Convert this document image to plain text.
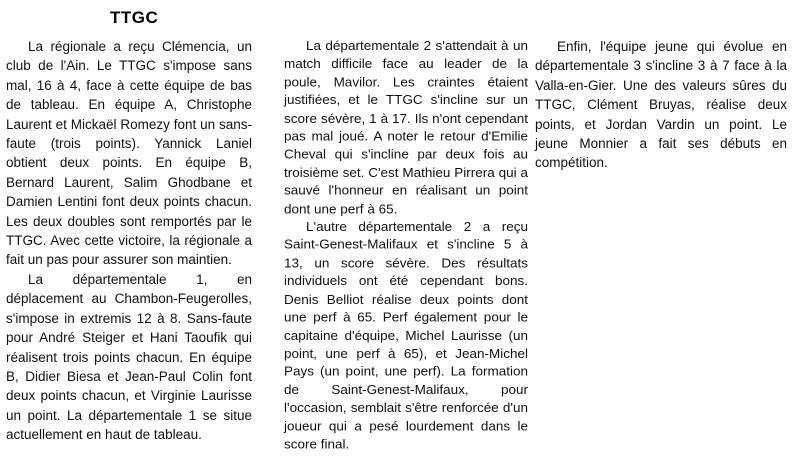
TTGC

La régionale a reçu Clémencia, un club de l'Ain. Le TTGC s'impose sans mal, 16 à 4, face à cette équipe de bas de tableau. En équipe A, Christophe Laurent et Mickaël Romezy font un sans-faute (trois points). Yannick Laniel obtient deux points. En équipe B, Bernard Laurent, Salim Ghodbane et Damien Lentini font deux points chacun. Les deux doubles sont remportés par le TTGC. Avec cette victoire, la régionale a fait un pas pour assurer son maintien.

La départementale 1, en déplacement au Chambon-Feugerolles, s'impose in extremis 12 à 8. Sans-faute pour André Steiger et Hani Taoufik qui réalisent trois points chacun. En équipe B, Didier Biesa et Jean-Paul Colin font deux points chacun, et Virginie Laurisse un point. La départementale 1 se situe actuellement en haut de tableau.

La départementale 2 s'attendait à un match difficile face au leader de la poule, Mavilor. Les craintes étaient justifiées, et le TTGC s'incline sur un score sévère, 1 à 17. Ils n'ont cependant pas mal joué. A noter le retour d'Emilie Cheval qui s'incline par deux fois au troisième set. C'est Mathieu Pirrera qui a sauvé l'honneur en réalisant un point dont une perf à 65.

L'autre départementale 2 a reçu Saint-Genest-Malifaux et s'incline 5 à 13, un score sévère. Des résultats individuels ont été cependant bons. Denis Belliot réalise deux points dont une perf à 65. Perf également pour le capitaine d'équipe, Michel Laurisse (un point, une perf à 65), et Jean-Michel Pays (un point, une perf). La formation de Saint-Genest-Malifaux, pour l'occasion, semblait s'être renforcée d'un joueur qui a pesé lourdement dans le score final.

Enfin, l'équipe jeune qui évolue en départementale 3 s'incline 3 à 7 face à la Valla-en-Gier. Une des valeurs sûres du TTGC, Clément Bruyas, réalise deux points, et Jordan Vardin un point. Le jeune Monnier a fait ses débuts en compétition.
